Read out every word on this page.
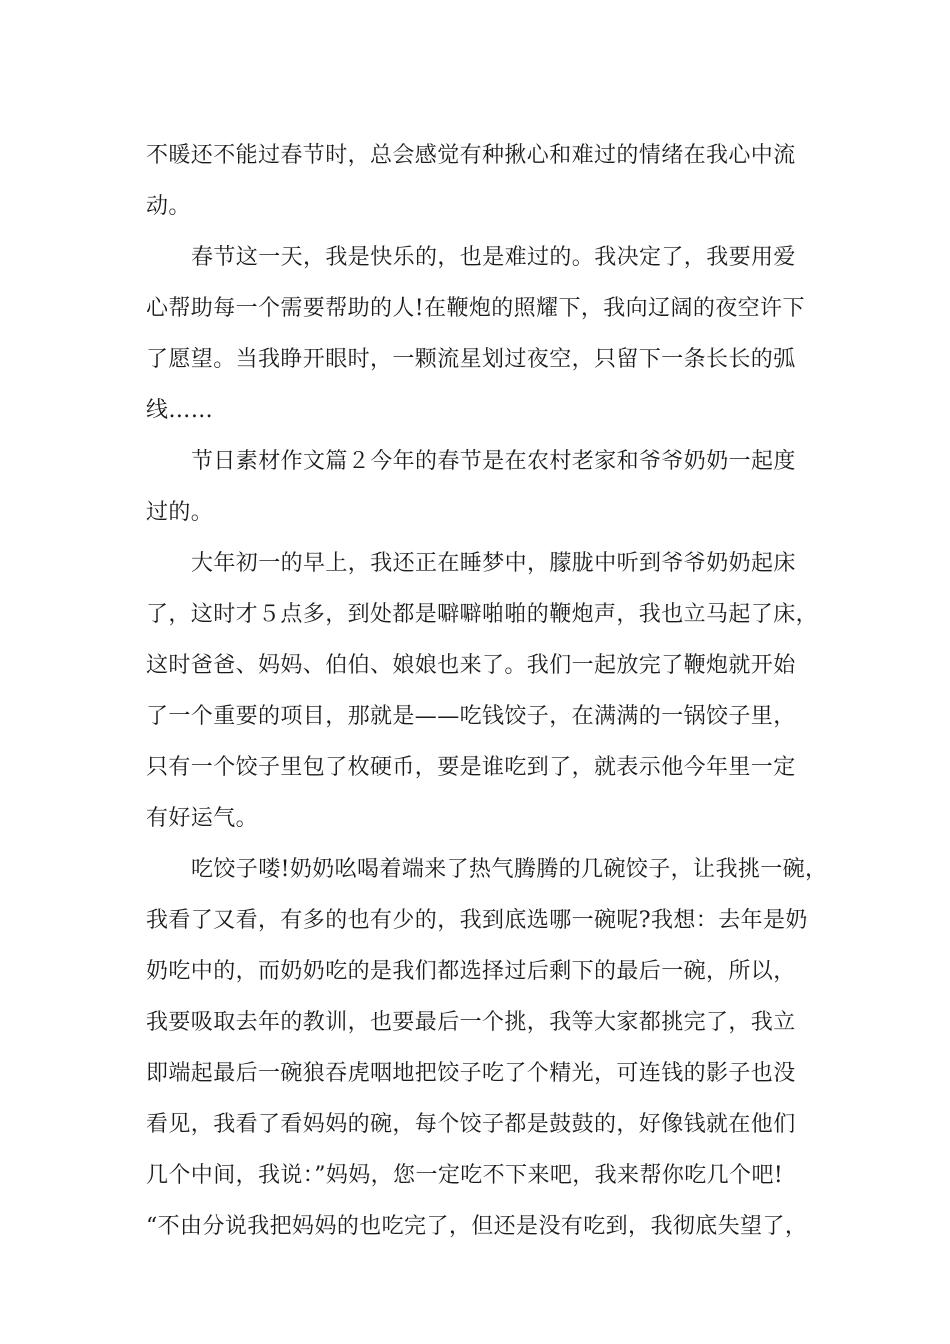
不暖还不能过春节时，总会感觉有种揪心和难过的情绪在我心中流
动。
春节这一天，我是快乐的，也是难过的。我决定了，我要用爱
心帮助每一个需要帮助的人!在鞭炮的照耀下，我向辽阔的夜空许下
了愿望。当我睁开眼时，一颗流星划过夜空，只留下一条长长的弧
线……
节日素材作文篇２今年的春节是在农村老家和爷爷奶奶一起度
过的。
大年初一的早上，我还正在睡梦中，朦胧中听到爷爷奶奶起床
了，这时才５点多，到处都是噼噼啪啪的鞭炮声，我也立马起了床，
这时爸爸、妈妈、伯伯、娘娘也来了。我们一起放完了鞭炮就开始
了一个重要的项目，那就是——吃钱饺子，在满满的一锅饺子里，
只有一个饺子里包了枚硬币，要是谁吃到了，就表示他今年里一定
有好运气。
吃饺子喽!奶奶吆喝着端来了热气腾腾的几碗饺子，让我挑一碗，
我看了又看，有多的也有少的，我到底选哪一碗呢?我想：去年是奶
奶吃中的，而奶奶吃的是我们都选择过后剩下的最后一碗，所以，
我要吸取去年的教训，也要最后一个挑，我等大家都挑完了，我立
即端起最后一碗狼吞虎咽地把饺子吃了个精光，可连钱的影子也没
看见，我看了看妈妈的碗，每个饺子都是鼓鼓的，好像钱就在他们
几个中间，我说：”妈妈，您一定吃不下来吧，我来帮你吃几个吧!
“不由分说我把妈妈的也吃完了，但还是没有吃到，我彻底失望了，
